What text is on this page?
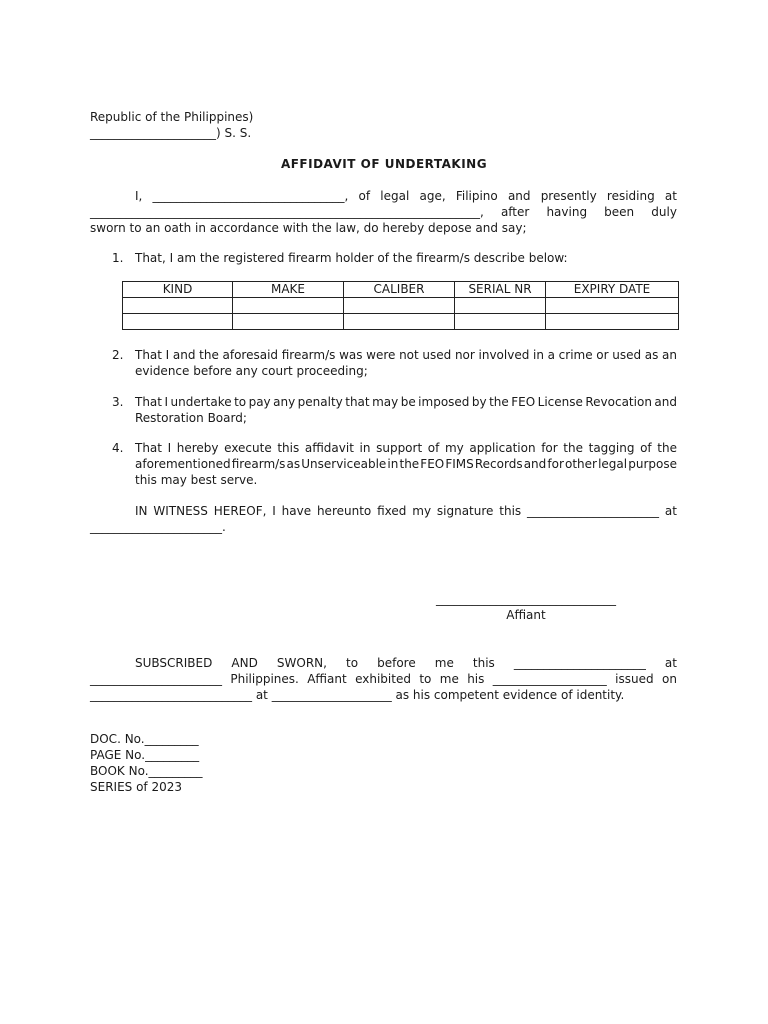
Republic of the Philippines)
_____________________) S. S.
AFFIDAVIT OF UNDERTAKING
I, ________________________________, of legal age, Filipino and presently residing at
_________________________________________________________________, after having been duly
sworn to an oath in accordance with the law, do hereby depose and say;
1. That, I am the registered firearm holder of the firearm/s describe below:
KIND	MAKE	CALIBER	SERIAL NR	EXPIRY DATE

2. That I and the aforesaid firearm/s was were not used nor involved in a crime or used as an
evidence before any court proceeding;
3. That I undertake to pay any penalty that may be imposed by the FEO License Revocation and
Restoration Board;
4. That I hereby execute this affidavit in support of my application for the tagging of the
aforementioned firearm/s as Unserviceable in the FEO FIMS Records and for other legal purpose
this may best serve.
IN WITNESS HEREOF, I have hereunto fixed my signature this ______________________ at
______________________.
______________________________
Affiant
SUBSCRIBED AND SWORN, to before me this ______________________ at
______________________ Philippines. Affiant exhibited to me his ___________________ issued on
___________________________ at ____________________ as his competent evidence of identity.
DOC. No._________
PAGE No._________
BOOK No._________
SERIES of 2023
